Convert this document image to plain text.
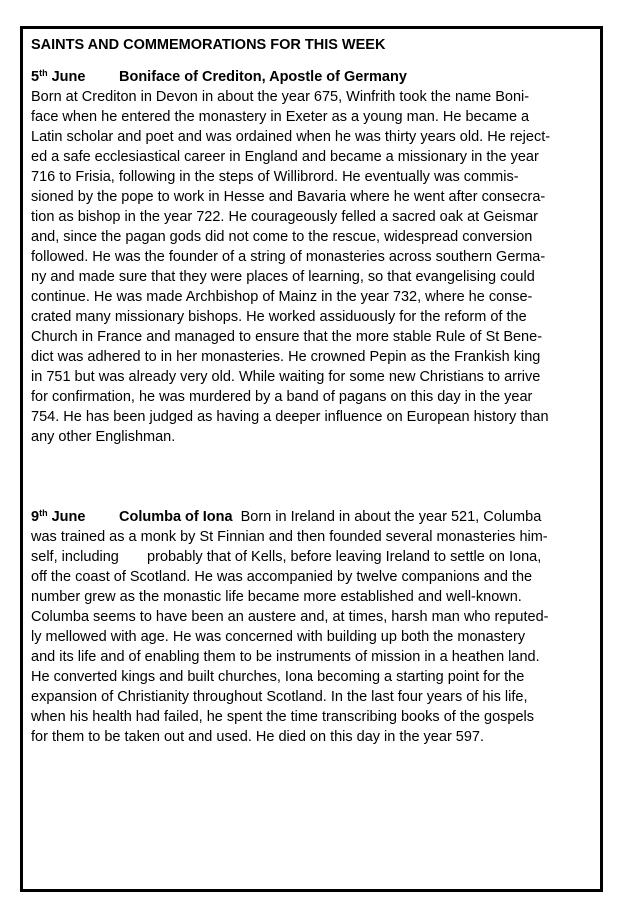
SAINTS AND COMMEMORATIONS FOR THIS WEEK
5th June Boniface of Crediton, Apostle of Germany
Born at Crediton in Devon in about the year 675, Winfrith took the name Boni-
face when he entered the monastery in Exeter as a young man. He became a
Latin scholar and poet and was ordained when he was thirty years old. He reject-
ed a safe ecclesiastical career in England and became a missionary in the year
716 to Frisia, following in the steps of Willibrord. He eventually was commis-
sioned by the pope to work in Hesse and Bavaria where he went after consecra-
tion as bishop in the year 722. He courageously felled a sacred oak at Geismar
and, since the pagan gods did not come to the rescue, widespread conversion
followed. He was the founder of a string of monasteries across southern Germa-
ny and made sure that they were places of learning, so that evangelising could
continue. He was made Archbishop of Mainz in the year 732, where he conse-
crated many missionary bishops. He worked assiduously for the reform of the
Church in France and managed to ensure that the more stable Rule of St Bene-
dict was adhered to in her monasteries. He crowned Pepin as the Frankish king
in 751 but was already very old. While waiting for some new Christians to arrive
for confirmation, he was murdered by a band of pagans on this day in the year
754. He has been judged as having a deeper influence on European history than
any other Englishman.
9th June Columba of Iona Born in Ireland in about the year 521, Columba
was trained as a monk by St Finnian and then founded several monasteries him-
self, including       probably that of Kells, before leaving Ireland to settle on Iona,
off the coast of Scotland. He was accompanied by twelve companions and the
number grew as the monastic life became more established and well-known.
Columba seems to have been an austere and, at times, harsh man who reputed-
ly mellowed with age. He was concerned with building up both the monastery
and its life and of enabling them to be instruments of mission in a heathen land.
He converted kings and built churches, Iona becoming a starting point for the
expansion of Christianity throughout Scotland. In the last four years of his life,
when his health had failed, he spent the time transcribing books of the gospels
for them to be taken out and used. He died on this day in the year 597.
